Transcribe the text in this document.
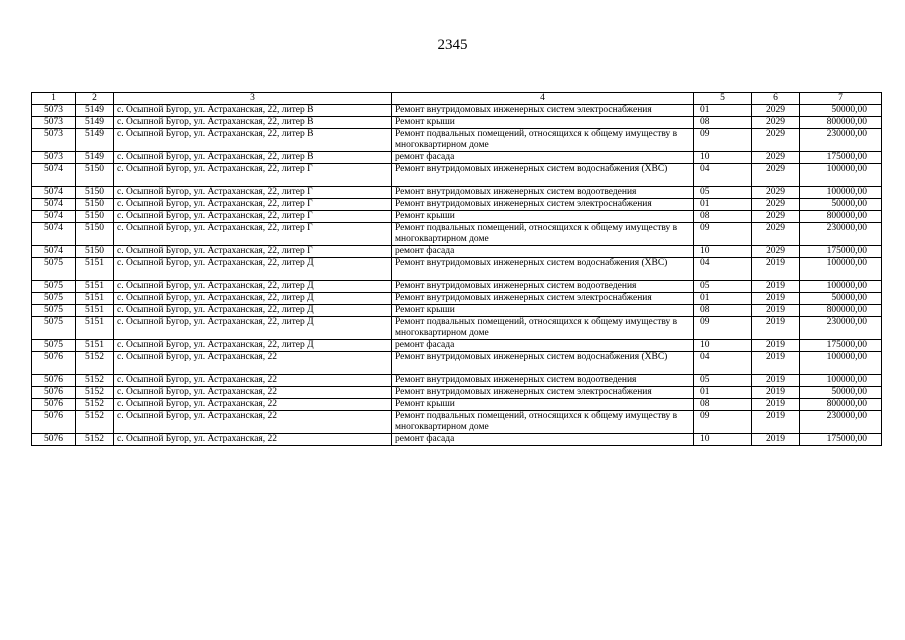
2345
1	2	3	4	5	6	7
5073	5149	с. Осыпной Бугор, ул. Астраханская, 22, литер В	Ремонт внутридомовых инженерных систем электроснабжения	01	2029	50000,00
5073	5149	с. Осыпной Бугор, ул. Астраханская, 22, литер В	Ремонт крыши	08	2029	800000,00
5073	5149	с. Осыпной Бугор, ул. Астраханская, 22, литер В	Ремонт подвальных помещений, относящихся к общему имуществу в многоквартирном доме	09	2029	230000,00
5073	5149	с. Осыпной Бугор, ул. Астраханская, 22, литер В	ремонт фасада	10	2029	175000,00
5074	5150	с. Осыпной Бугор, ул. Астраханская, 22, литер Г	Ремонт внутридомовых инженерных систем водоснабжения (ХВС)	04	2029	100000,00
5074	5150	с. Осыпной Бугор, ул. Астраханская, 22, литер Г	Ремонт внутридомовых инженерных систем водоотведения	05	2029	100000,00
5074	5150	с. Осыпной Бугор, ул. Астраханская, 22, литер Г	Ремонт внутридомовых инженерных систем электроснабжения	01	2029	50000,00
5074	5150	с. Осыпной Бугор, ул. Астраханская, 22, литер Г	Ремонт крыши	08	2029	800000,00
5074	5150	с. Осыпной Бугор, ул. Астраханская, 22, литер Г	Ремонт подвальных помещений, относящихся к общему имуществу в многоквартирном доме	09	2029	230000,00
5074	5150	с. Осыпной Бугор, ул. Астраханская, 22, литер Г	ремонт фасада	10	2029	175000,00
5075	5151	с. Осыпной Бугор, ул. Астраханская, 22, литер Д	Ремонт внутридомовых инженерных систем водоснабжения (ХВС)	04	2019	100000,00
5075	5151	с. Осыпной Бугор, ул. Астраханская, 22, литер Д	Ремонт внутридомовых инженерных систем водоотведения	05	2019	100000,00
5075	5151	с. Осыпной Бугор, ул. Астраханская, 22, литер Д	Ремонт внутридомовых инженерных систем электроснабжения	01	2019	50000,00
5075	5151	с. Осыпной Бугор, ул. Астраханская, 22, литер Д	Ремонт крыши	08	2019	800000,00
5075	5151	с. Осыпной Бугор, ул. Астраханская, 22, литер Д	Ремонт подвальных помещений, относящихся к общему имуществу в многоквартирном доме	09	2019	230000,00
5075	5151	с. Осыпной Бугор, ул. Астраханская, 22, литер Д	ремонт фасада	10	2019	175000,00
5076	5152	с. Осыпной Бугор, ул. Астраханская, 22	Ремонт внутридомовых инженерных систем водоснабжения (ХВС)	04	2019	100000,00
5076	5152	с. Осыпной Бугор, ул. Астраханская, 22	Ремонт внутридомовых инженерных систем водоотведения	05	2019	100000,00
5076	5152	с. Осыпной Бугор, ул. Астраханская, 22	Ремонт внутридомовых инженерных систем электроснабжения	01	2019	50000,00
5076	5152	с. Осыпной Бугор, ул. Астраханская, 22	Ремонт крыши	08	2019	800000,00
5076	5152	с. Осыпной Бугор, ул. Астраханская, 22	Ремонт подвальных помещений, относящихся к общему имуществу в многоквартирном доме	09	2019	230000,00
5076	5152	с. Осыпной Бугор, ул. Астраханская, 22	ремонт фасада	10	2019	175000,00
